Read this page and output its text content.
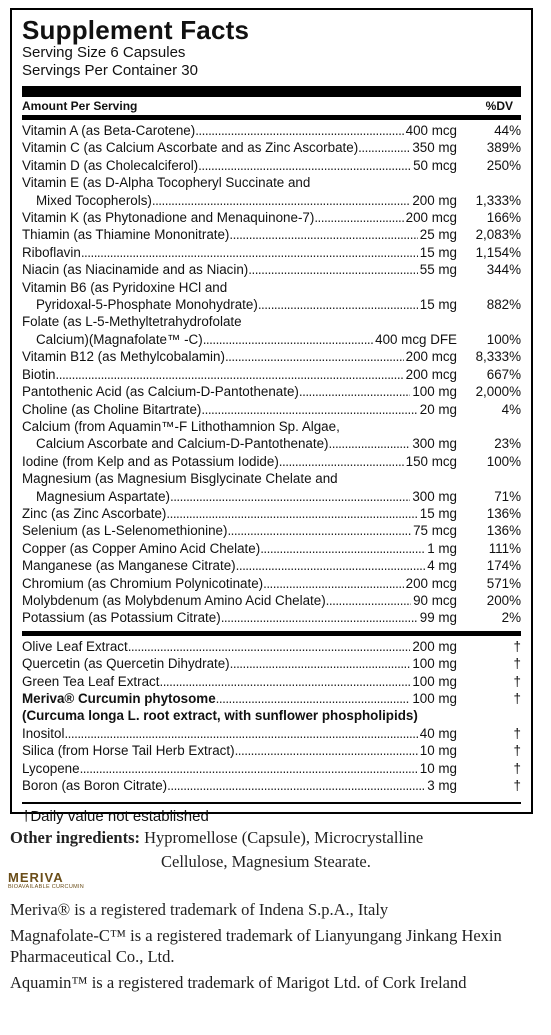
Supplement Facts
Serving Size 6 Capsules
Servings Per Container 30
Amount Per Serving	%DV
Vitamin A (as Beta-Carotene) .....	400 mcg	44%
Vitamin C (as Calcium Ascorbate and as Zinc Ascorbate) .....	350 mg	389%
Vitamin D (as Cholecalciferol) .....	50 mcg	250%
Vitamin E (as D-Alpha Tocopheryl Succinate and
Mixed Tocopherols) .....	200 mg	1,333%
Vitamin K (as Phytonadione and Menaquinone-7) .....	200 mcg	166%
Thiamin (as Thiamine Mononitrate) .....	25 mg	2,083%
Riboflavin .....	15 mg	1,154%
Niacin (as Niacinamide and as Niacin) .....	55 mg	344%
Vitamin B6 (as Pyridoxine HCl and
Pyridoxal-5-Phosphate Monohydrate) .....	15 mg	882%
Folate (as L-5-Methyltetrahydrofolate
Calcium)(Magnafolate™ -C) .....	400 mcg DFE	100%
Vitamin B12 (as Methylcobalamin) .....	200 mcg	8,333%
Biotin .....	200 mcg	667%
Pantothenic Acid (as Calcium-D-Pantothenate) .....	100 mg	2,000%
Choline (as Choline Bitartrate) .....	20 mg	4%
Calcium (from Aquamin™-F Lithothamnion Sp. Algae,
Calcium Ascorbate and Calcium-D-Pantothenate) .....	300 mg	23%
Iodine (from Kelp and as Potassium Iodide) .....	150 mcg	100%
Magnesium (as Magnesium Bisglycinate Chelate and
Magnesium Aspartate) .....	300 mg	71%
Zinc (as Zinc Ascorbate) .....	15 mg	136%
Selenium (as L-Selenomethionine) .....	75 mcg	136%
Copper (as Copper Amino Acid Chelate) .....	1 mg	111%
Manganese (as Manganese Citrate) .....	4 mg	174%
Chromium (as Chromium Polynicotinate) .....	200 mcg	571%
Molybdenum (as Molybdenum Amino Acid Chelate) .....	90 mcg	200%
Potassium (as Potassium Citrate) .....	99 mg	2%
Olive Leaf Extract .....	200 mg	†
Quercetin (as Quercetin Dihydrate) .....	100 mg	†
Green Tea Leaf Extract .....	100 mg	†
Meriva® Curcumin phytosome .....	100 mg	†
(Curcuma longa L. root extract, with sunflower phospholipids)
Inositol .....	40 mg	†
Silica (from Horse Tail Herb Extract) .....	10 mg	†
Lycopene .....	10 mg	†
Boron (as Boron Citrate) .....	3 mg	†
†Daily value not established
Other ingredients: Hypromellose (Capsule), Microcrystalline
Cellulose, Magnesium Stearate.
MERIVA
BIOAVAILABLE CURCUMIN

Meriva® is a registered trademark of Indena S.p.A., Italy

Magnafolate-C™ is a registered trademark of Lianyungang Jinkang Hexin Pharmaceutical Co., Ltd.

Aquamin™ is a registered trademark of Marigot Ltd. of Cork Ireland
